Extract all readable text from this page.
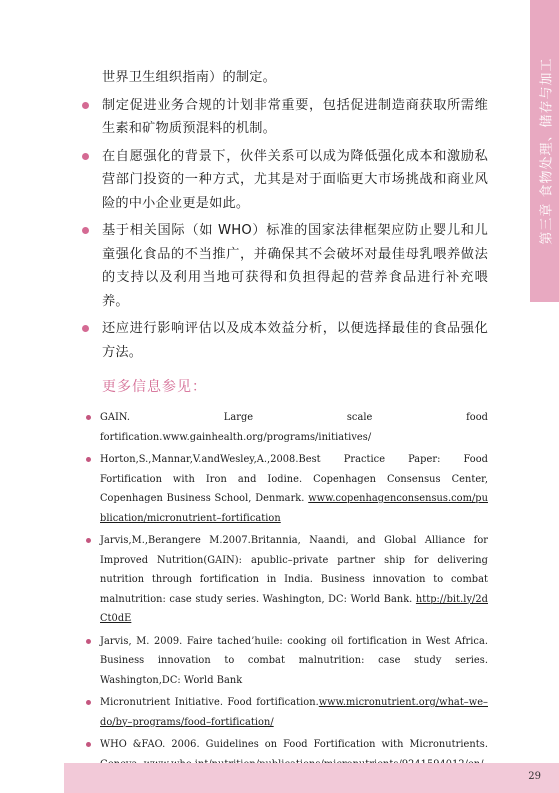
第三章 食物处理、储存与加工

世界卫生组织指南）的制定。

制定促进业务合规的计划非常重要，包括促进制造商获取所需维生素和矿物质预混料的机制。

在自愿强化的背景下，伙伴关系可以成为降低强化成本和激励私营部门投资的一种方式，尤其是对于面临更大市场挑战和商业风险的中小企业更是如此。

基于相关国际（如 WHO）标准的国家法律框架应防止婴儿和儿童强化食品的不当推广，并确保其不会破坏对最佳母乳喂养做法的支持以及利用当地可获得和负担得起的营养食品进行补充喂养。

还应进行影响评估以及成本效益分析，以便选择最佳的食品强化方法。

更多信息参见：
GAIN. Large scale food fortification.www.gainhealth.org/programs/initiatives/
Horton,S.,Mannar,V.andWesley,A.,2008.Best Practice Paper: Food Fortification with Iron and Iodine. Copenhagen Consensus Center, Copenhagen Business School, Denmark. www.copenhagenconsensus.com/publication/micronutrient–fortification
Jarvis,M.,Berangere M.2007.Britannia, Naandi, and Global Alliance for Improved Nutrition(GAIN): apublic–private partner ship for delivering nutrition through fortification in India. Business innovation to combat malnutrition: case study series. Washington, DC: World Bank. http://bit.ly/2dCt0dE
Jarvis, M. 2009. Faire tached’huile: cooking oil fortification in West Africa. Business innovation to combat malnutrition: case study series. Washington,DC: World Bank
Micronutrient Initiative. Food fortification.www.micronutrient.org/what–we–do/by–programs/food–fortification/
WHO &FAO. 2006. Guidelines on Food Fortification with Micronutrients.
29
